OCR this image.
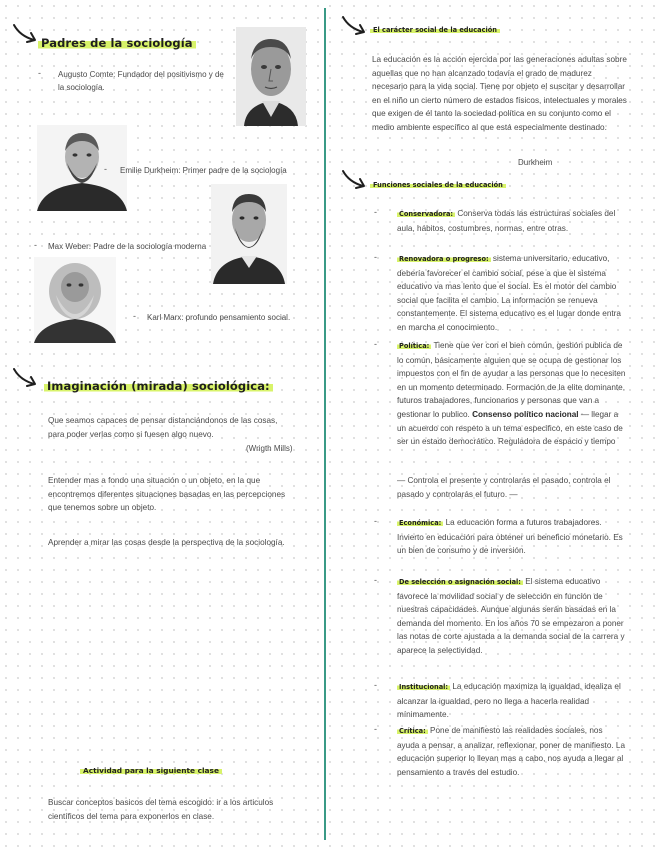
Padres de la sociología
- Augusto Comte: Fundador del positivismo y de la sociología.
- Emilie Durkheim: Primer padre de la sociología
- Max Weber: Padre de la sociología moderna
- Karl Marx: profundo pensamiento social.
Imaginación (mirada) sociológica:
Que seamos capaces de pensar distanciándonos de las cosas, para poder verlas como si fuesen algo nuevo.
(Wrigth Mills)
Entender mas a fondo una situación o un objeto, en la que encontremos diferentes situaciones basadas en las percepciones que tenemos sobre un objeto.
Aprender a mirar las cosas desde la perspectiva de la sociología.
Actividad para la siguiente clase
Buscar conceptos basicos del tema escogido: ir a los articulos científicos del tema para exponerlos en clase.
El carácter social de la educación
La educación es la acción ejercida por las generaciones adultas sobre aquellas que no han alcanzado todavía el grado de madurez necesario para la vida social. Tiene por objeto el suscitar y desarrollar en el niño un cierto número de estados físicos, intelectuales y morales que exigen de él tanto la sociedad política en su conjunto como el medio ambiente específico al que está especialmente destinado.
Durkheim
Funciones sociales de la educación
-	Conservadora: Conserva todas las estructuras sociales del aula, hábitos, costumbres, normas, entre otras.
-	Renovadora o progreso: sistema universitario, educativo, debería favorecer el cambio social, pese a que el sistema educativo va mas lento que el social. Es el motor del cambio social que facilita el cambio. La información se renueva constantemente. El sistema educativo es el lugar donde entra en marcha el conocimiento.
-	Política: Tiene que ver con el bien común, gestión publica de lo común, básicamente alguien que se ocupa de gestionar los impuestos con el fin de ayudar a las personas que lo necesiten en un momento determinado. Formación de la elite dominante, futuros trabajadores, funcionarios y personas que van a gestionar lo publico. Consenso político nacional — llegar a un acuerdo con respeto a un tema especifico, en este caso de ser un estado democrático. Reguladora de espacio y tiempo
— Controla el presente y controlarás el pasado, controla el pasado y controlarás el futuro. —
-	Económica: La educación forma a futuros trabajadores. Invierto en educación para obtener un beneficio monetario. Es un bien de consumo y de inversión.
-	De selección o asignación social: El sistema educativo favorece la movilidad social y de selección en función de nuestras capacidades. Aunque algunas serán basadas en la demanda del momento. En los años 70 se empezaron a poner las notas de corte ajustada a la demanda social de la carrera y aparece la selectividad.
-	Institucional: La educación maximiza la igualdad, idealiza el alcanzar la igualdad, pero no llega a hacerla realidad mínimamente.
-	Crítica: Pone de manifiesto las realidades sociales, nos ayuda a pensar, a analizar, reflexionar, poner de manifiesto. La educación superior lo llevan mas a cabo, nos ayuda a llegar al pensamiento a través del estudio.
